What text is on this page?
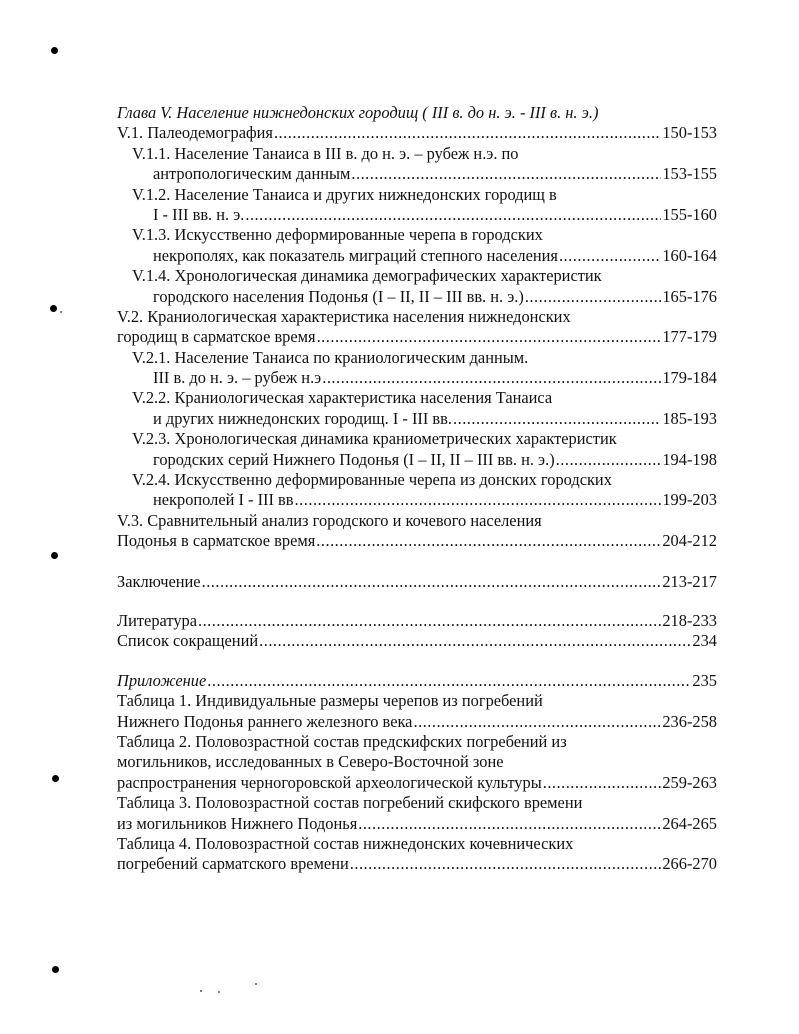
Глава V. Население нижнедонских городищ ( III в. до н. э. - III в. н. э.)
V.1. Палеодемография .....	150-153
V.1.1. Население Танаиса в III в. до н. э. – рубеж н.э. по
антропологическим данным .....	153-155
V.1.2. Население Танаиса и других нижнедонских городищ в
I - III вв. н. э. .....	155-160
V.1.3. Искусственно деформированные черепа в городских
некрополях, как показатель миграций степного населения .....	160-164
V.1.4. Хронологическая динамика демографических характеристик
городского населения Подонья (I – II, II – III вв. н. э.) .....	165-176
V.2. Краниологическая характеристика населения нижнедонских
городищ в сарматское время .....	177-179
V.2.1. Население Танаиса по краниологическим данным.
III в. до н. э. – рубеж н.э .....	179-184
V.2.2. Краниологическая характеристика населения Танаиса
и других нижнедонских городищ. I - III вв. .....	185-193
V.2.3. Хронологическая динамика краниометрических характеристик
городских серий Нижнего Подонья (I – II, II – III вв. н. э.) .....	194-198
V.2.4. Искусственно деформированные черепа из донских городских
некрополей I - III вв .....	199-203
V.3. Сравнительный анализ городского и кочевого населения
Подонья в сарматское время .....	204-212
Заключение .....	213-217
Литература .....	218-233
Список сокращений .....	234
Приложение .....	235
Таблица 1. Индивидуальные размеры черепов из погребений
Нижнего Подонья раннего железного века .....	236-258
Таблица 2. Половозрастной состав предскифских погребений из
могильников, исследованных в Северо-Восточной зоне
распространения черногоровской археологической культуры .....	259-263
Таблица 3. Половозрастной состав погребений скифского времени
из могильников Нижнего Подонья .....	264-265
Таблица 4. Половозрастной состав нижнедонских кочевнических
погребений сарматского времени .....	266-270
